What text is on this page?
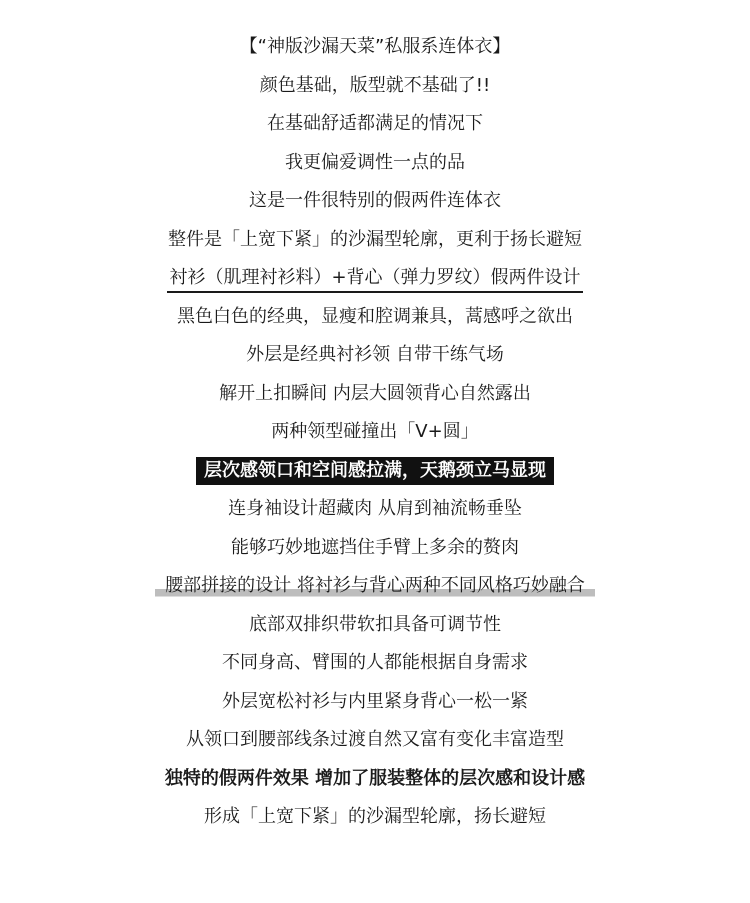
【“神版沙漏天菜”私服系连体衣】
颜色基础，版型就不基础了!!
在基础舒适都满足的情况下
我更偏爱调性一点的品
这是一件很特别的假两件连体衣
整件是「上宽下紧」的沙漏型轮廓，更利于扬长避短
衬衫（肌理衬衫料）+背心（弹力罗纹）假两件设计
黑色白色的经典，显瘦和腔调兼具，蒿感呼之欲出
外层是经典衬衫领 自带干练气场
解开上扣瞬间 内层大圆领背心自然露出
两种领型碰撞出「V+圆」
层次感领口和空间感拉满，天鹅颈立马显现
连身袖设计超藏肉 从肩到袖流畅垂坠
能够巧妙地遮挡住手臂上多余的赘肉
腰部拼接的设计 将衬衫与背心两种不同风格巧妙融合
底部双排织带软扣具备可调节性
不同身高、臂围的人都能根据自身需求
外层宽松衬衫与内里紧身背心一松一紧
从领口到腰部线条过渡自然又富有变化丰富造型
独特的假两件效果 增加了服装整体的层次感和设计感
形成「上宽下紧」的沙漏型轮廓，扬长避短
